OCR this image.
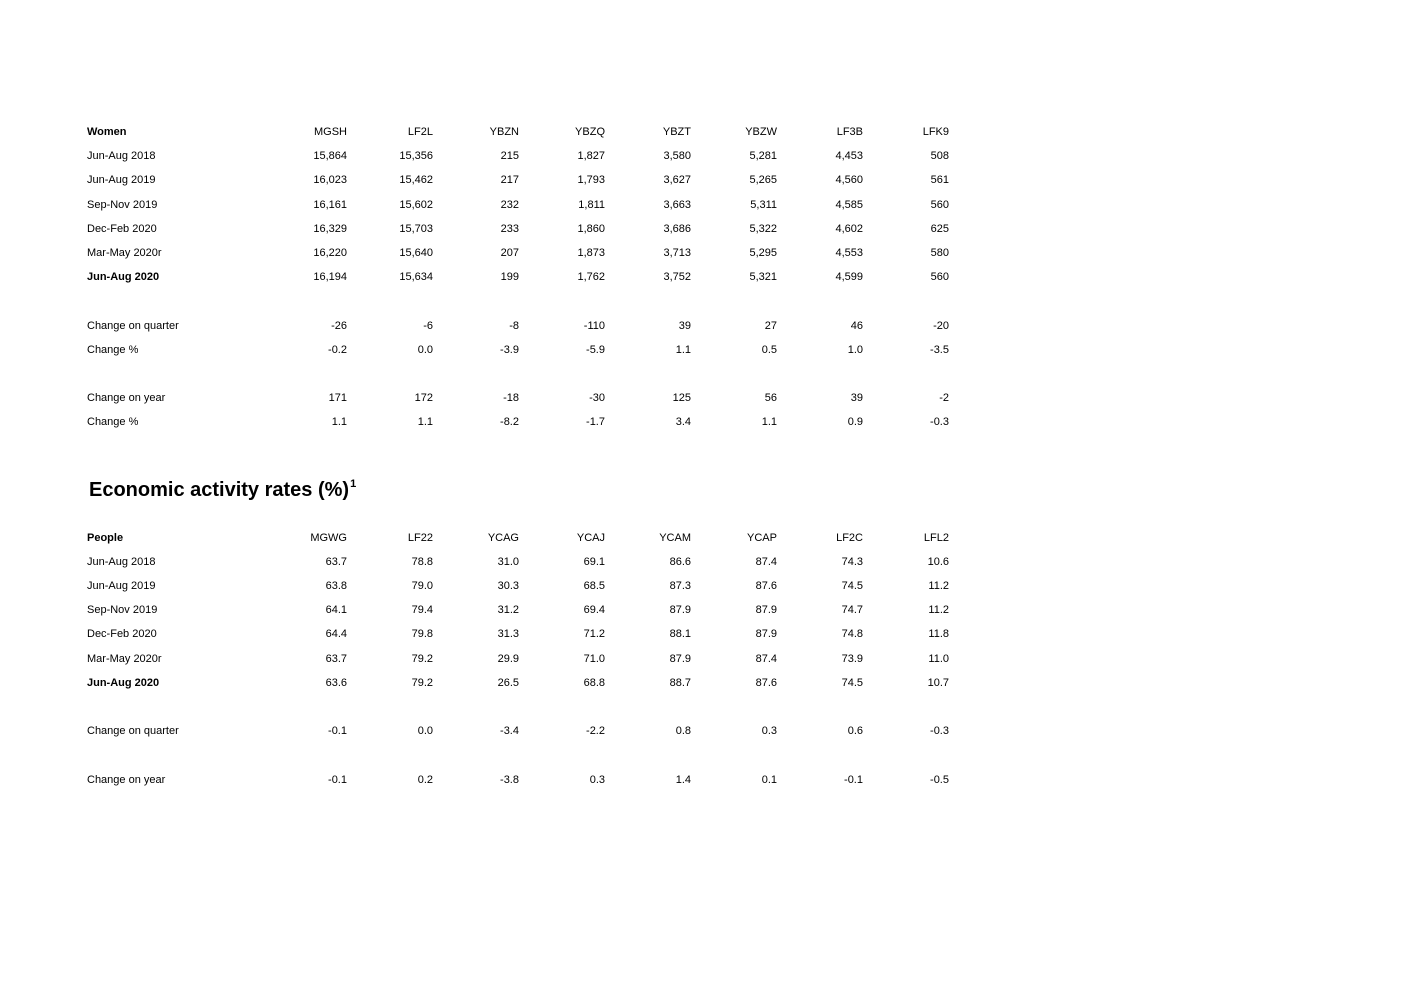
Women	MGSH	LF2L	YBZN	YBZQ	YBZT	YBZW	LF3B	LFK9
Jun-Aug 2018	15,864	15,356	215	1,827	3,580	5,281	4,453	508
Jun-Aug 2019	16,023	15,462	217	1,793	3,627	5,265	4,560	561
Sep-Nov 2019	16,161	15,602	232	1,811	3,663	5,311	4,585	560
Dec-Feb 2020	16,329	15,703	233	1,860	3,686	5,322	4,602	625
Mar-May 2020r	16,220	15,640	207	1,873	3,713	5,295	4,553	580
Jun-Aug 2020	16,194	15,634	199	1,762	3,752	5,321	4,599	560

Change on quarter	-26	-6	-8	-110	39	27	46	-20
Change %	-0.2	0.0	-3.9	-5.9	1.1	0.5	1.0	-3.5

Change on year	171	172	-18	-30	125	56	39	-2
Change %	1.1	1.1	-8.2	-1.7	3.4	1.1	0.9	-0.3
Economic activity rates (%)$^1$
People	MGWG	LF22	YCAG	YCAJ	YCAM	YCAP	LF2C	LFL2
Jun-Aug 2018	63.7	78.8	31.0	69.1	86.6	87.4	74.3	10.6
Jun-Aug 2019	63.8	79.0	30.3	68.5	87.3	87.6	74.5	11.2
Sep-Nov 2019	64.1	79.4	31.2	69.4	87.9	87.9	74.7	11.2
Dec-Feb 2020	64.4	79.8	31.3	71.2	88.1	87.9	74.8	11.8
Mar-May 2020r	63.7	79.2	29.9	71.0	87.9	87.4	73.9	11.0
Jun-Aug 2020	63.6	79.2	26.5	68.8	88.7	87.6	74.5	10.7

Change on quarter	-0.1	0.0	-3.4	-2.2	0.8	0.3	0.6	-0.3

Change on year	-0.1	0.2	-3.8	0.3	1.4	0.1	-0.1	-0.5
